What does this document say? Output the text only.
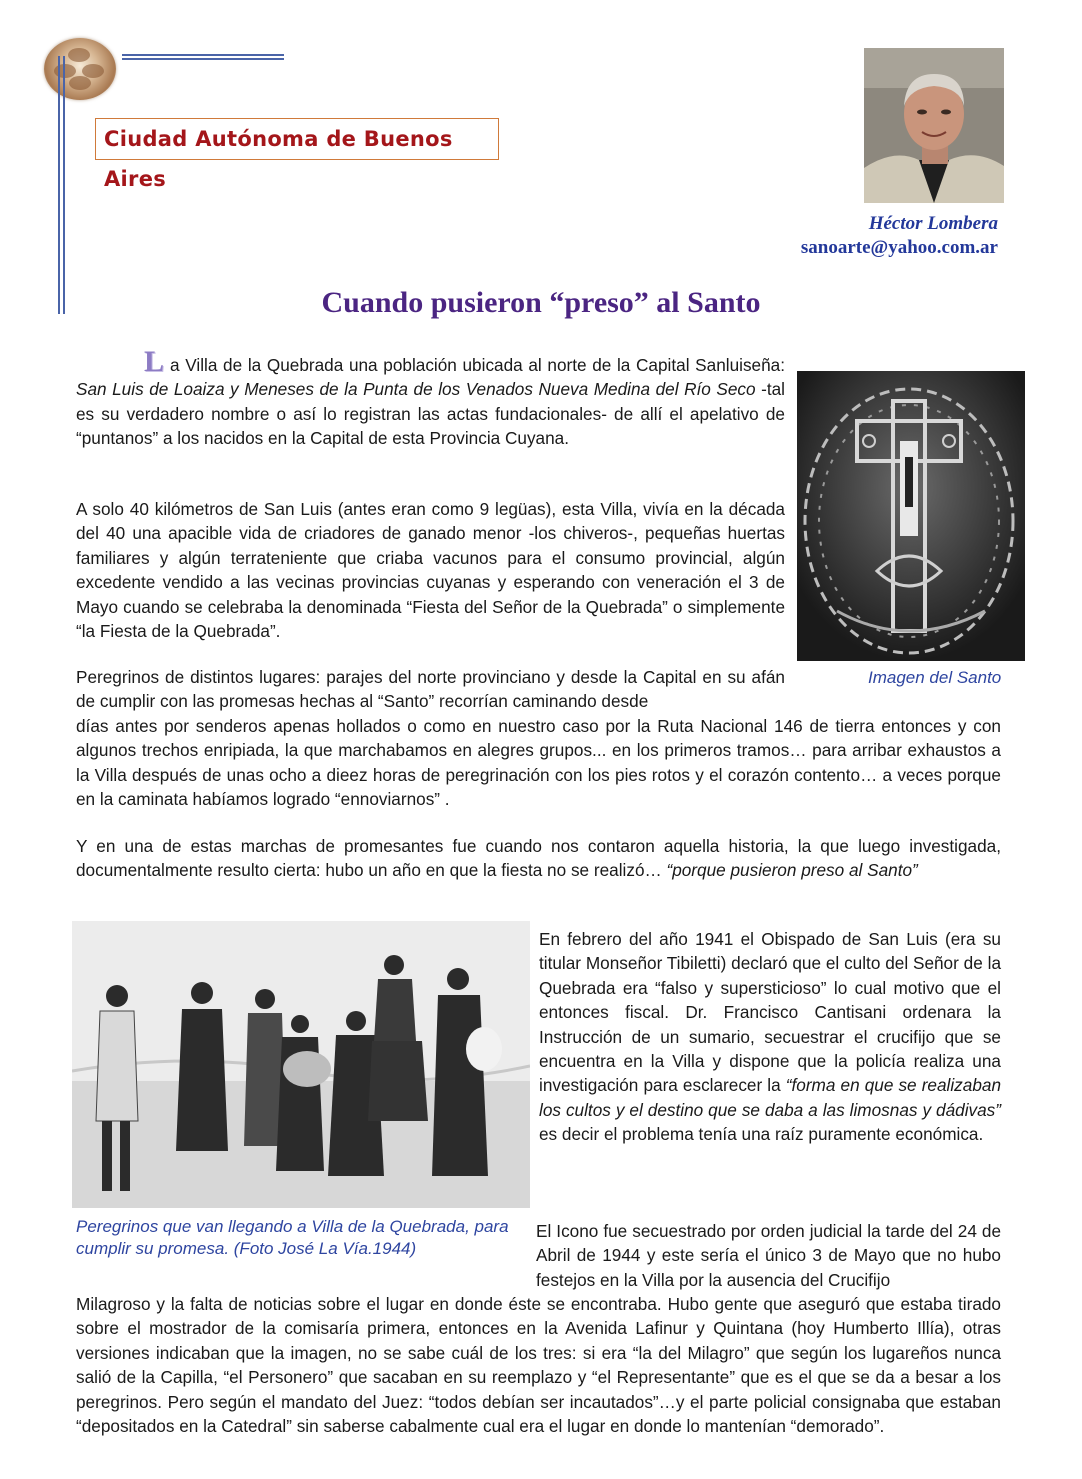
Ciudad Autónoma de Buenos Aires
Héctor Lombera
sanoarte@yahoo.com.ar
Cuando pusieron “preso” al Santo
La Villa de la Quebrada una población ubicada al norte de la Capital Sanluiseña: San Luis de Loaiza y Meneses de la Punta de los Venados Nueva Medina del Río Seco -tal es su verdadero nombre o así lo registran las actas fundacionales- de allí el apelativo de “puntanos” a los nacidos en la Capital de esta Provincia Cuyana.
A solo 40 kilómetros de San Luis (antes eran como 9 legüas), esta Villa, vivía en la década del 40 una apacible vida de criadores de ganado menor -los chiveros-, pequeñas huertas familiares y algún terrateniente que criaba vacunos para el consumo provincial, algún excedente vendido a las vecinas provincias cuyanas y esperando con veneración el 3 de Mayo cuando se celebraba la denominada “Fiesta del Señor de la Quebrada” o simplemente “la Fiesta de la Quebrada”.
Imagen del Santo
Peregrinos de distintos lugares: parajes del norte provinciano y desde la Capital en su afán de cumplir con las promesas hechas al “Santo” recorrían caminando desde
días antes por senderos apenas hollados o como en nuestro caso por la Ruta Nacional 146 de tierra entonces y con algunos trechos enripiada, la que marchabamos en alegres grupos... en los primeros tramos… para arribar exhaustos a la Villa después de unas ocho a dieez horas de peregrinación con los pies rotos y el corazón contento… a veces porque en la caminata habíamos logrado “ennoviarnos” .
Y en una de estas marchas de promesantes fue cuando nos contaron aquella historia, la que luego investigada, documentalmente resulto cierta: hubo un año en que la fiesta no se realizó… “porque pusieron preso al Santo”
Peregrinos que van llegando a Villa de la Quebrada, para cumplir su promesa. (Foto José La Vía.1944)
En febrero del año 1941 el Obispado de San Luis (era su titular Monseñor Tibiletti) declaró que el culto del Señor de la Quebrada era “falso y supersticioso” lo cual motivo que el entonces fiscal. Dr. Francisco Cantisani ordenara la Instrucción de un sumario, secuestrar el crucifijo que se encuentra en la Villa y dispone que la policía realiza una investigación para esclarecer la “forma en que se realizaban los cultos y el destino que se daba a las limosnas y dádivas” es decir el problema tenía una raíz puramente económica.
El Icono fue secuestrado por orden judicial la tarde del 24 de Abril de 1944 y este sería el único 3 de Mayo que no hubo festejos en la Villa por la ausencia del Crucifijo
Milagroso y la falta de noticias sobre el lugar en donde éste se encontraba. Hubo gente que aseguró que estaba tirado sobre el mostrador de la comisaría primera, entonces en la Avenida Lafinur y Quintana (hoy Humberto Illía), otras versiones indicaban que la imagen, no se sabe cuál de los tres: si era “la del Milagro” que según los lugareños nunca salió de la Capilla, “el Personero” que sacaban en su reemplazo y “el Representante” que es el que se da a besar a los peregrinos. Pero según el mandato del Juez: “todos debían ser incautados”…y el parte policial consignaba que estaban “depositados en la Catedral” sin saberse cabalmente cual era el lugar en donde lo mantenían “demorado”.
